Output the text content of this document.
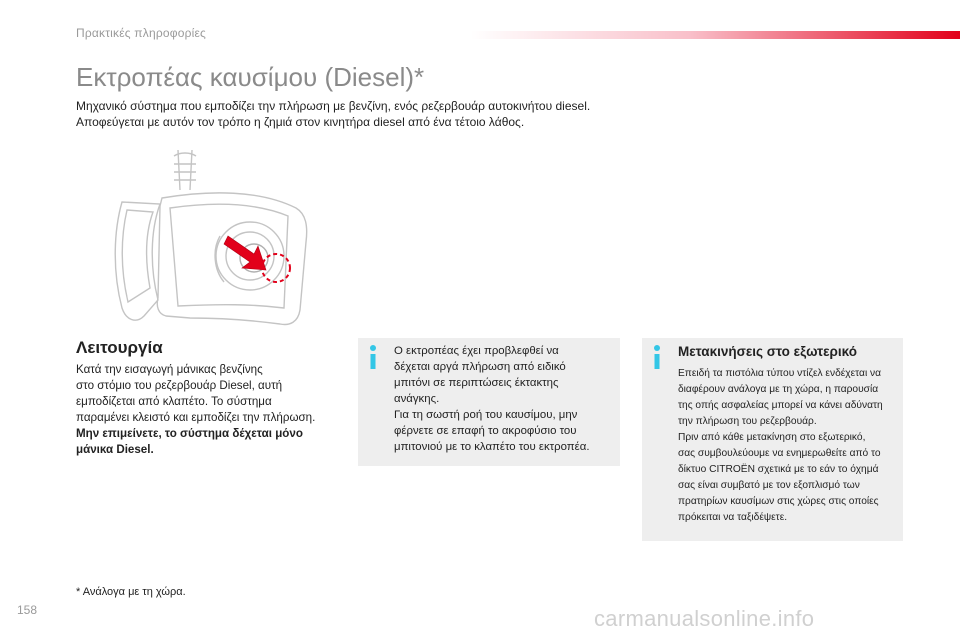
Πρακτικές πληροφορίες
Εκτροπέας καυσίμου (Diesel)*
Μηχανικό σύστημα που εμποδίζει την πλήρωση με βενζίνη, ενός ρεζερβουάρ αυτοκινήτου diesel.
Αποφεύγεται με αυτόν τον τρόπο η ζημιά στον κινητήρα diesel από ένα τέτοιο λάθος.
Λειτουργία
Κατά την εισαγωγή μάνικας βενζίνης
στο στόμιο του ρεζερβουάρ Diesel, αυτή
εμποδίζεται από κλαπέτο. Το σύστημα
παραμένει κλειστό και εμποδίζει την πλήρωση.
Μην επιμείνετε, το σύστημα δέχεται μόνο
μάνικα Diesel.
Ο εκτροπέας έχει προβλεφθεί να
δέχεται αργά πλήρωση από ειδικό
μπιτόνι σε περιπτώσεις έκτακτης
ανάγκης.
Για τη σωστή ροή του καυσίμου, μην
φέρνετε σε επαφή το ακροφύσιο του
μπιτονιού με το κλαπέτο του εκτροπέα.
Μετακινήσεις στο εξωτερικό
Επειδή τα πιστόλια τύπου ντίζελ ενδέχεται να
διαφέρουν ανάλογα με τη χώρα, η παρουσία
της οπής ασφαλείας μπορεί να κάνει αδύνατη
την πλήρωση του ρεζερβουάρ.
Πριν από κάθε μετακίνηση στο εξωτερικό,
σας συμβουλεύουμε να ενημερωθείτε από το
δίκτυο CITROËN σχετικά με το εάν το όχημά
σας είναι συμβατό με τον εξοπλισμό των
πρατηρίων καυσίμων στις χώρες στις οποίες
πρόκειται να ταξιδέψετε.
* Ανάλογα με τη χώρα.
158	carmanualsonline.info
